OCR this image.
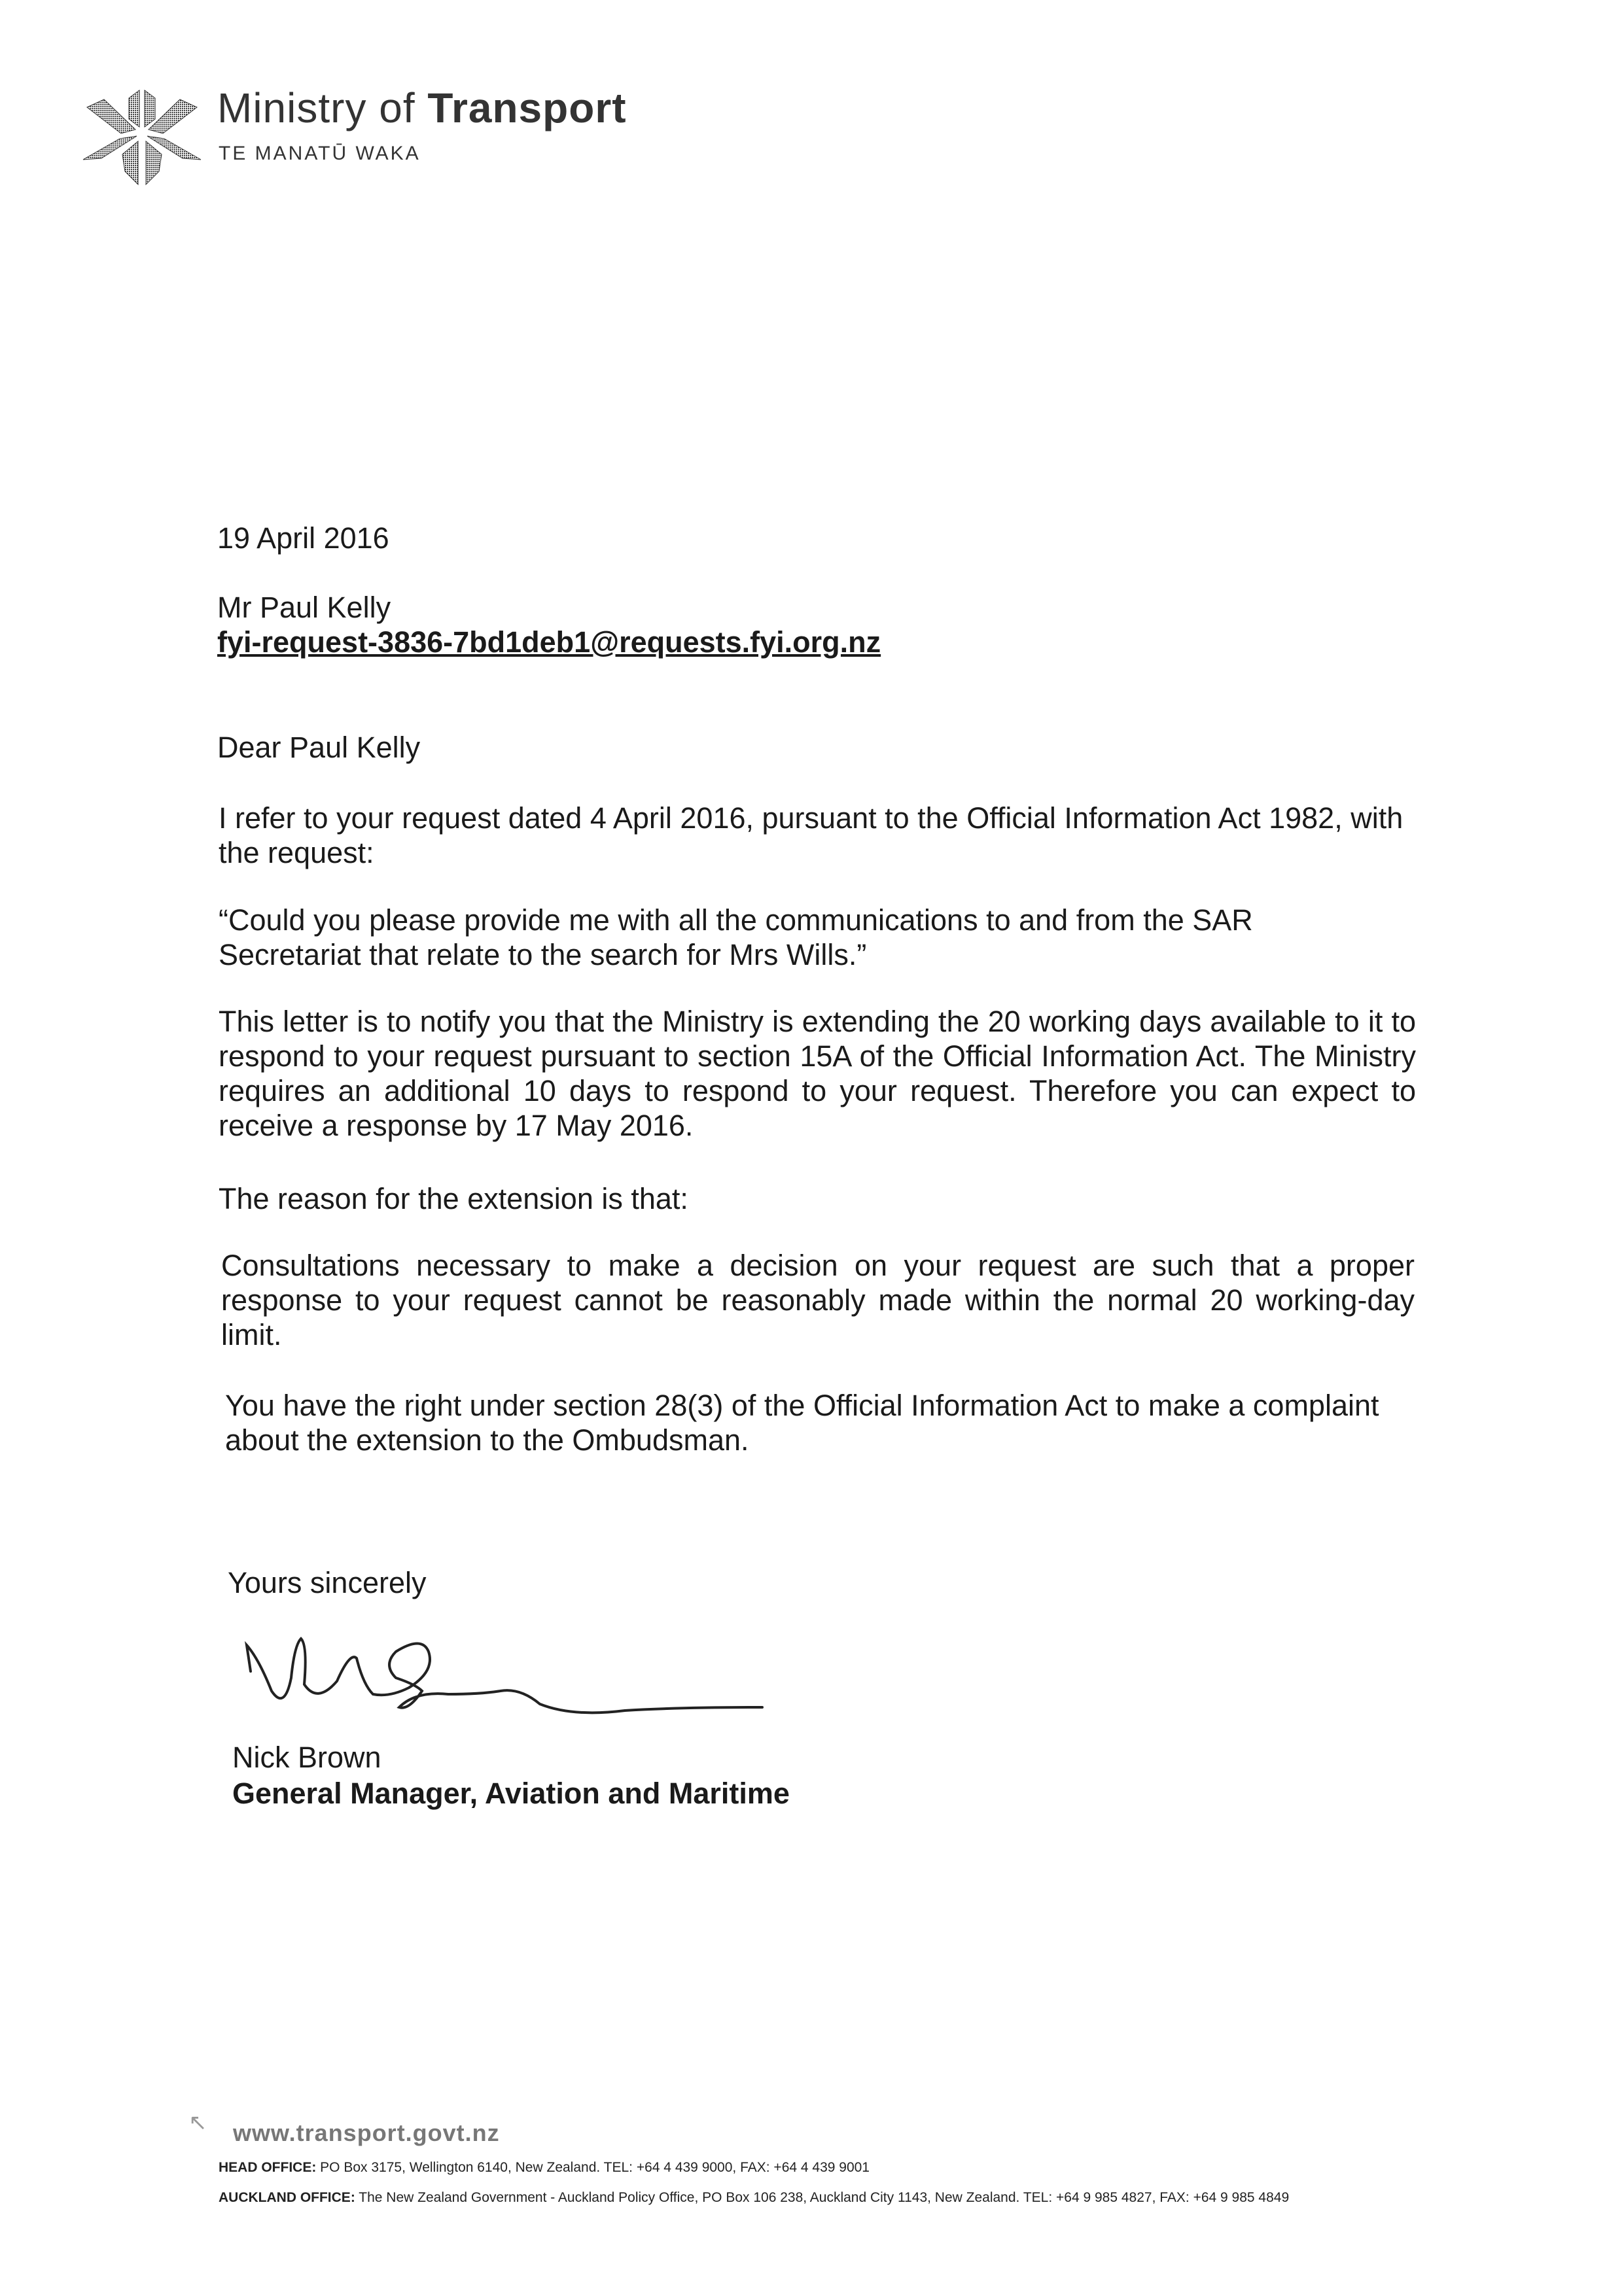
Ministry of Transport
TE MANATŪ WAKA
19 April 2016
Mr Paul Kelly
fyi-request-3836-7bd1deb1@requests.fyi.org.nz
Dear Paul Kelly
I refer to your request dated 4 April 2016, pursuant to the Official Information Act 1982, with the request:
“Could you please provide me with all the communications to and from the SAR Secretariat that relate to the search for Mrs Wills.”
This letter is to notify you that the Ministry is extending the 20 working days available to it to respond to your request pursuant to section 15A of the Official Information Act. The Ministry requires an additional 10 days to respond to your request. Therefore you can expect to receive a response by 17 May 2016.
The reason for the extension is that:
Consultations necessary to make a decision on your request are such that a proper response to your request cannot be reasonably made within the normal 20 working-day limit.
You have the right under section 28(3) of the Official Information Act to make a complaint about the extension to the Ombudsman.
Yours sincerely
Nick Brown
General Manager, Aviation and Maritime
↖ www.transport.govt.nz
HEAD OFFICE: PO Box 3175, Wellington 6140, New Zealand. TEL: +64 4 439 9000, FAX: +64 4 439 9001
AUCKLAND OFFICE: The New Zealand Government - Auckland Policy Office, PO Box 106 238, Auckland City 1143, New Zealand. TEL: +64 9 985 4827, FAX: +64 9 985 4849
